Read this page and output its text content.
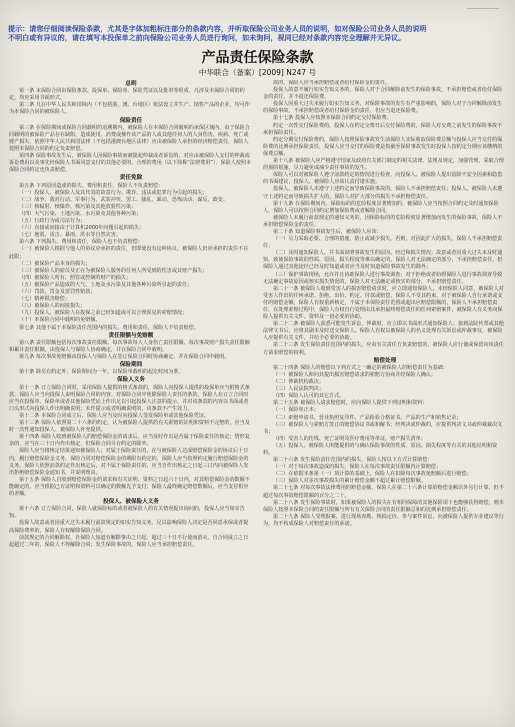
提示：请您仔细阅读保险条款，尤其是字体加粗标注部分的条款内容，并听取保险公司业务人员的说明，如对保险公司业务人员的说明

不明白或有异议的，请在填写本投保单之前向保险公司业务人员进行询问，如未询问，视同已经对条款内容完全理解并无异议。

产品责任保险条款
中华联合（备案）[2009] N247 号
总则

第一条 本保险合同由保险条款、投保单、保险单、保险凭证以及批单等组成。凡涉及本保险合同的约定，均应采用书面形式。

第二条 凡在中华人民共和国境内（不包括港、澳、台地区）依法设立并生产、销售产品的企业，均可作为本保险合同的被保险人。

保险责任

第三条 在保险期间或保险合同载明的追溯期内，被保险人在本保险合同载明的承保区域内，由于保险合同载明的被保险产品存在缺陷，造成使用、消费或操作该产品的人或其他任何人的人身伤害、疾病、死亡或财产损失，依照中华人民共和国法律（不包括港澳台地区法律）应由被保险人承担的经济赔偿责任，保险人按照本保险合同的约定负责赔偿。

第四条 保险事故发生后，被保险人因保险事故而被提起仲裁或者诉讼的，对应由被保险人支付的仲裁或诉讼费用以及事先经保险人书面同意支付的其他必要的、合理的费用（以下简称“法律费用”），保险人按照本保险合同约定也负责赔偿。

责任免除

第五条 下列原因造成的损失、费用和责任，保险人不负责赔偿：

（一）投保人、被保险人及其代表的故意行为、欺诈、违法或犯罪行为引起的损失；

（二）战争、敌对行动、军事行为、武装冲突、罢工、骚乱、暴动、恐怖活动、谋反、政变；

（三）核辐射、核爆炸、核污染及其他放射性污染；

（四）大气污染、土地污染、水污染及其他各种污染；

（五）行政行为或司法行为；

（六）直接或间接由于计算机2000年问题引起的损失；

（七）地震、雷击、暴雨、洪水等自然灾害。

第六条 下列损失、费用和责任，保险人也不负责赔偿：

（一）被保险人根据与他人的协议应承担的责任，但即使没有这种协议，被保险人仍应承担的责任不在此限；

（二）被保险产品本身的损失；

（三）被保险人的雇员及正在为被保险人服务的任何人所受到的伤害或其财产损失；

（四）被保险人所有、照管或控制的财产的损失；

（五）被保险产品造成的大气、土地及水污染及其他各种污染所引起的责任；

（六）罚款、罚金及惩罚性赔款；

（七）精神损害赔偿；

（八）被保险人的间接损失；

（九）投保人、被保险人在投保之前已经知道或可以合理预见的索赔情况；

（十）本保险合同中载明的免赔额。

第七条 其他不属于本保险责任范围内的损失、费用和责任，保险人不负责赔偿。

责任限额与免赔额

第八条 责任限额包括每次事故责任限额、每次事故每人人身伤亡责任限额、每次事故财产损失责任限额和累计责任限额，由投保人与保险人协商确定，并在保险合同中载明。

第九条 每次事故免赔额由投保人与保险人在签订保险合同时协商确定，并在保险合同中载明。

保险期间

第十条 除另有约定外，保险期间为一年，以保险单载明的起讫时间为准。

保险人义务

第十一条 订立保险合同时，采用保险人提供的格式条款的，保险人向投保人提供的投保单应当附格式条款，保险人应当向投保人说明保险合同的内容。对保险合同中免除保险人责任的条款，保险人在订立合同时应当在投保单、保险单或者其他保险凭证上作出足以引起投保人注意的提示，并对该条款的内容以书面或者口头形式向投保人作出明确说明；未作提示或者明确说明的，该条款不产生效力。

第十二条 本保险合同成立后，保险人应当及时向投保人签发保险单或其他保险凭证。

第十三条 保险人依照第二十六条的约定，认为被保险人提供的有关索赔的证明和资料不完整的，应当及时一次性通知投保人、被保险人补充提供。

第十四条 保险人收到被保险人的赔偿保险金的请求后，应当及时作出是否属于保险责任的核定；情形复杂的，应当在三十日内作出核定，但保险合同另有约定的除外。

保险人应当将核定结果通知被保险人；对属于保险责任的，在与被保险人达成赔偿保险金的协议后十日内，履行赔偿保险金义务。保险合同对赔偿保险金的期限有约定的，保险人应当按照约定履行赔偿保险金的义务。保险人依照前款约定作出核定后，对不属于保险责任的，应当自作出核定之日起三日内向被保险人发出拒绝赔偿保险金通知书，并说明理由。

第十五条 保险人自收到赔偿保险金的请求和有关证明、资料之日起六十日内，对其赔偿保险金的数额不能确定的，应当根据已有证明和资料可以确定的数额先予支付；保险人最终确定赔偿数额后，应当支付相应的差额。

投保人、被保险人义务

第十六条 订立保险合同，保险人就保险标的或者被保险人的有关情况提出询问的，投保人应当如实告知。

投保人故意或者因重大过失未履行前款规定的如实告知义务，足以影响保险人决定是否同意承保或者提高保险费率的，保险人有权解除保险合同。

前款规定的合同解除权，自保险人知道有解除事由之日起，超过三十日不行使而消灭。自合同成立之日起超过二年的，保险人不得解除合同；发生保险事故的，保险人应当承担赔偿责任。

故的，保险人应当承担赔偿或者给付保险金的责任。

投保人故意不履行如实告知义务的，保险人对于合同解除前发生的保险事故，不承担赔偿或者给付保险金的责任，并不退还保险费。

投保人因重大过失未履行如实告知义务，对保险事故的发生有严重影响的，保险人对于合同解除前发生的保险事故，不承担赔偿或者给付保险金的责任，但应当退还保险费。

第十七条 投保人应按照本保险合同约定交付保险费。

约定一次性交付保险费的，投保人在约定交费日后交付保险费的，保险人对交费之前发生的保险事故不承担保险责任。

约定分期交付保险费的，保险人按照保险事故发生前保险人实际收取保险费总额与投保人应当交付的保险费的比例承担保险责任，投保人应当交付的保险费是指截至保险事故发生时投保人按约定分期应该缴纳的保费总额。

第十八条 被保险人应严格遵守国家及政府有关部门制定的相关法律、法规及规定，加强管理，采取合理的预防措施，尽力避免或减少责任事故的发生。

保险人可以对被保险人遵守前款约定的情况进行检查，向投保人、被保险人提出消除不安全因素和隐患的书面建议，投保人、被保险人应该认真付诸实施。

投保人、被保险人未遵守上述约定而导致保险事故的，保险人不承担赔偿责任；投保人、被保险人未遵守上述约定而导致损失扩大的，保险人对扩大部分的损失不承担赔偿责任。

第十九条 在保险期间内，保险标的的危险程度显著增加的，被保险人应当按照合同约定及时通知保险人，保险人可以按照合同约定增加保险费或者解除合同。

被保险人未履行前款规定的通知义务的，因保险标的的危险程度显著增加而发生的保险事故，保险人不承担赔偿保险金的责任。

第二十条 知道保险事故发生后，被保险人应该：

（一）尽力采取必要、合理的措施，防止或减少损失，否则，对因此扩大的损失，保险人不承担赔偿责任；

（二）及时通知保险人，并书面说明事故发生的原因、经过和损失情况；故意或者因重大过失未及时通知，致使保险事故的性质、原因、损失程度等难以确定的，保险人对无法确定的部分，不承担赔偿责任，但保险人通过其他途径已经及时知道或者应当及时知道保险事故发生的除外；

（三）保护事故现场，允许并且协助保险人进行事故调查；对于拒绝或者妨碍保险人进行事故调查导致无法确定事故原因或核实损失情况的，保险人对无法确定或核实的部分，不承担赔偿责任。

第二十一条 被保险人收到受害人的损害赔偿请求时，应立即通知保险人。未经保险人同意，被保险人对受害人作出的任何承诺、拒绝、出价、约定、付款或赔偿，保险人不受其约束。对于被保险人自行承诺或支付的赔偿金额，保险人有权重新核定，不属于本保险责任范围或超出应赔偿限额的，保险人不承担赔偿责任。在处理索赔过程中，保险人有权自行处理由其承担最终赔偿责任的任何索赔案件，被保险人有义务向保险人提供有关文件、资料及一切必要的协助。

第二十二条 被保险人获悉可能发生诉讼、仲裁时，应立即以书面形式通知保险人；接到法院传票或其他法律文书后，应将其副本及时送交保险人。保险人有权以被保险人的名义处理有关诉讼或仲裁事宜，被保险人应提供有关文件，并给予必要的协助。

第二十三条 发生保险责任范围内的损失，应由有关责任方负责赔偿的，被保险人应行使或保留向该责任方请求赔偿的权利。

赔偿处理

第二十四条 保险人的赔偿以下列方式之一确定的被保险人的赔偿责任为基础：

（一）被保险人和向其提出损害赔偿请求的索赔方协商并经保险人确认；

（二）仲裁机构裁决；

（三）人民法院判决；

（四）保险人认可的其它方式。

第二十五条 被保险人请求赔偿时，应向保险人提供下列证明和资料：

（一）保险单正本；

（二）索赔申请书、营业执照复印件、产品检验合格证书、产品的生产和销售记录；

（三）被保险人与索赔方签订的赔偿协议书或和解书；经判决或仲裁的，应提供判决文书或仲裁裁决文书；

（四）受害人的伤残、死亡证明及医疗费用等单证，财产损失清单；

（五）投保人、被保险人所能提供的与确认保险事故的性质、原因、损失程度等有关的其他证明和资料。

第二十六条 发生保险责任范围内的损失，保险人按以下方式计算赔偿：

（一）对于每次事故造成的损失，保险人在每次事故责任限额内计算赔偿；

（二）在依据本条第（一）项计算的基础上，保险人在扣除每次事故免赔额后进行赔偿；

（三）保险人对多次事故损失的累计赔偿金额不超过累计赔偿限额。

第二十七条 对每次事故法律费用的赔偿金额，保险人在第二十六条计算的赔偿金额以外另行计算，但不超过每次事故赔偿限额的百分之二十。

第二十八条 发生保险事故时，如果被保险人的损失在有相同保障的其他保险项下也能够获得赔偿，则本保险人按照本保险合同的责任限额与所有有关保险合同的责任限额总和的比例承担赔偿责任。

第二十九条 保险人受理报案、进行现场查勘、核损定价、参与案件诉讼、向被保险人提供专业建议等行为，均不构成保险人对赔偿责任的承诺。
